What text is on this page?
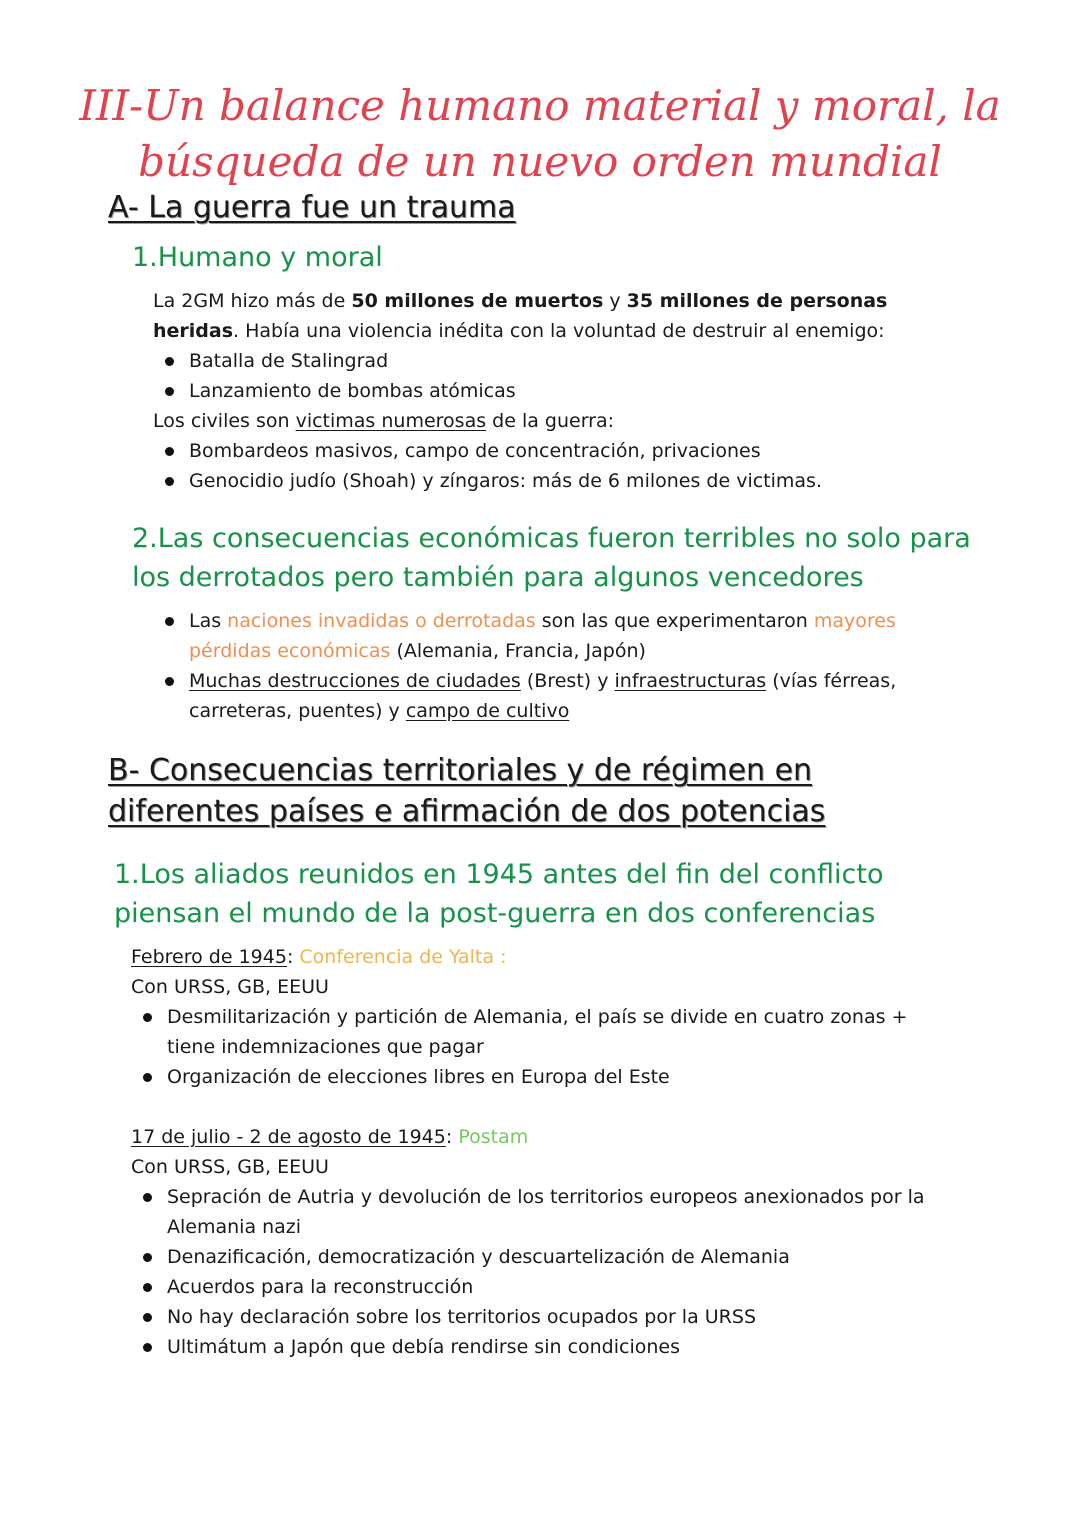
III-Un balance humano material y moral, la búsqueda de un nuevo orden mundial
A- La guerra fue un trauma
1.Humano y moral

La 2GM hizo más de 50 millones de muertos y 35 millones de personas heridas. Había una violencia inédita con la voluntad de destruir al enemigo:

Batalla de Stalingrad
Lanzamiento de bombas atómicas

Los civiles son victimas numerosas de la guerra:

Bombardeos masivos, campo de concentración, privaciones
Genocidio judío (Shoah) y zíngaros: más de 6 milones de victimas.
2.Las consecuencias económicas fueron terribles no solo para los derrotados pero también para algunos vencedores
Las naciones invadidas o derrotadas son las que experimentaron mayores pérdidas económicas (Alemania, Francia, Japón)
Muchas destrucciones de ciudades (Brest) y infraestructuras (vías férreas, carreteras, puentes) y campo de cultivo
B- Consecuencias territoriales y de régimen en diferentes países e afirmación de dos potencias
1.Los aliados reunidos en 1945 antes del fin del conflicto piensan el mundo de la post-guerra en dos conferencias

Febrero de 1945: Conferencia de Yalta :

Con URSS, GB, EEUU

Desmilitarización y partición de Alemania, el país se divide en cuatro zonas + tiene indemnizaciones que pagar
Organización de elecciones libres en Europa del Este

17 de julio - 2 de agosto de 1945: Postam

Con URSS, GB, EEUU

Sepración de Autria y devolución de los territorios europeos anexionados por la Alemania nazi
Denazificación, democratización y descuartelización de Alemania
Acuerdos para la reconstrucción
No hay declaración sobre los territorios ocupados por la URSS
Ultimátum a Japón que debía rendirse sin condiciones
